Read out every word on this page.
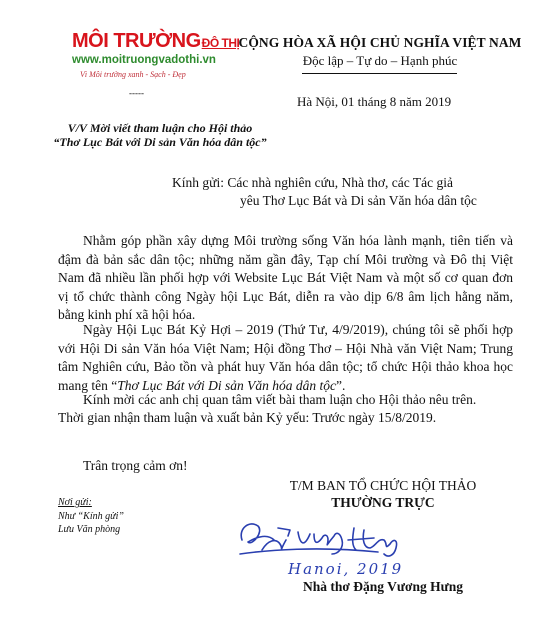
MÔI TRƯỜNGĐÔ THỊ
www.moitruongvadothi.vn
Vì Môi trường xanh - Sạch - Đẹp
-----
CỘNG HÒA XÃ HỘI CHỦ NGHĨA VIỆT NAM
Độc lập – Tự do – Hạnh phúc
Hà Nội, 01 tháng 8 năm 2019
V/V Mời viết tham luận cho Hội thảo
“Thơ Lục Bát với Di sản Văn hóa dân tộc”
Kính gửi: Các nhà nghiên cứu, Nhà thơ, các Tác giả
yêu Thơ Lục Bát và Di sản Văn hóa dân tộc
Nhằm góp phần xây dựng Môi trường sống Văn hóa lành mạnh, tiên tiến và đậm đà bản sắc dân tộc; những năm gần đây, Tạp chí Môi trường và Đô thị Việt Nam đã nhiều lần phối hợp với Website Lục Bát Việt Nam và một số cơ quan đơn vị tổ chức thành công Ngày hội Lục Bát, diễn ra vào dịp 6/8 âm lịch hằng năm, bằng kinh phí xã hội hóa.
Ngày Hội Lục Bát Kỷ Hợi – 2019 (Thứ Tư, 4/9/2019), chúng tôi sẽ phối hợp với Hội Di sản Văn hóa Việt Nam; Hội đồng Thơ – Hội Nhà văn Việt Nam; Trung tâm Nghiên cứu, Bảo tồn và phát huy Văn hóa dân tộc; tổ chức Hội thảo khoa học mang tên “Thơ Lục Bát với Di sản Văn hóa dân tộc”.
Kính mời các anh chị quan tâm viết bài tham luận cho Hội thảo nêu trên.
Thời gian nhận tham luận và xuất bản Kỷ yếu: Trước ngày 15/8/2019.
Trân trọng cảm ơn!
Nơi gửi:
Như “Kính gửi”
Lưu Văn phòng
T/M BAN TỔ CHỨC HỘI THẢO
THƯỜNG TRỰC
Hanoi, 2019
Nhà thơ Đặng Vương Hưng
